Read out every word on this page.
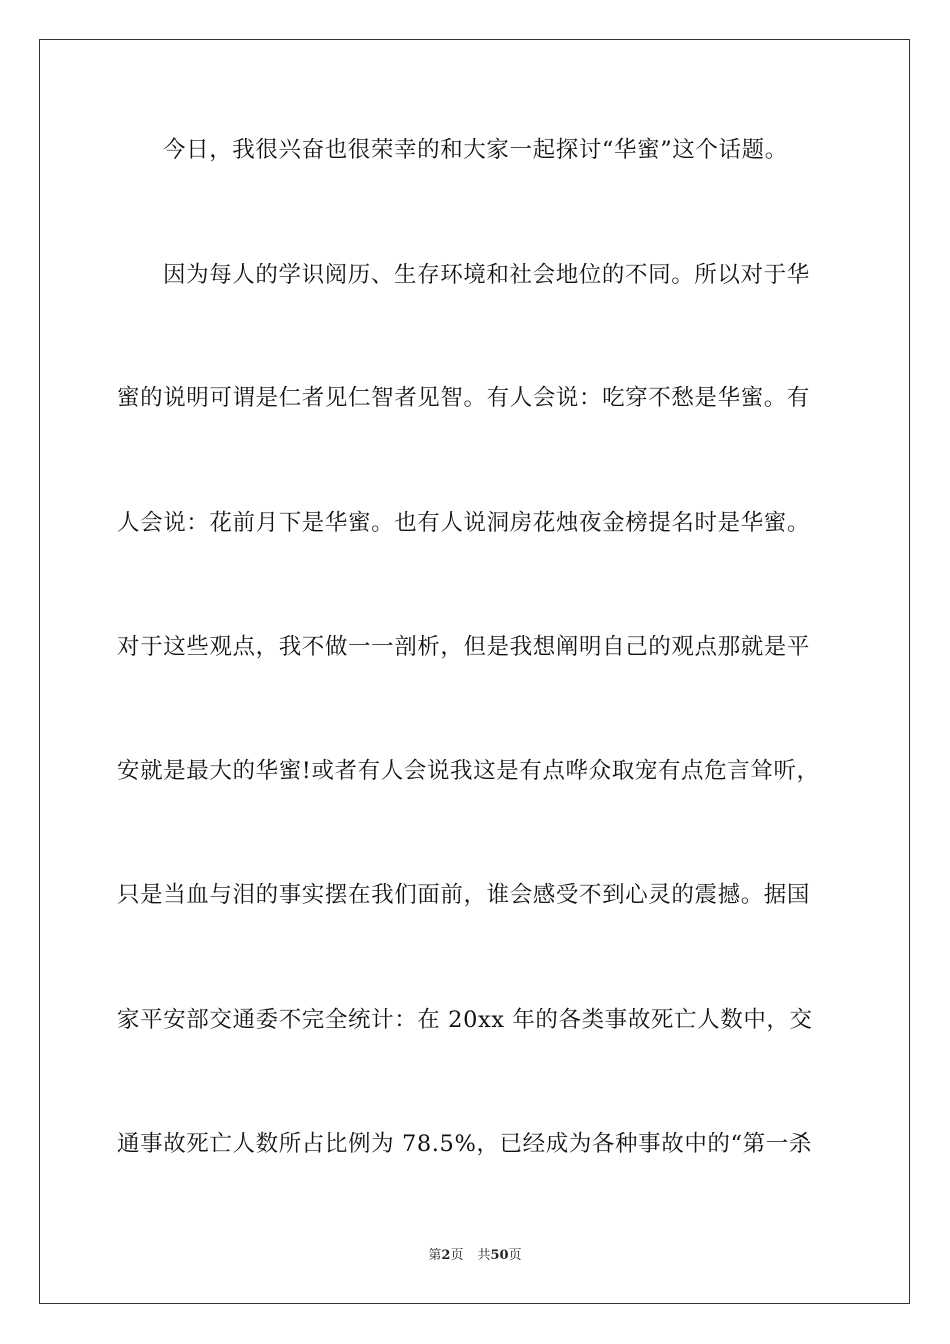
今日，我很兴奋也很荣幸的和大家一起探讨“华蜜”这个话题。
因为每人的学识阅历、生存环境和社会地位的不同。所以对于华
蜜的说明可谓是仁者见仁智者见智。有人会说：吃穿不愁是华蜜。有
人会说：花前月下是华蜜。也有人说洞房花烛夜金榜提名时是华蜜。
对于这些观点，我不做一一剖析，但是我想阐明自己的观点那就是平
安就是最大的华蜜!或者有人会说我这是有点哗众取宠有点危言耸听，
只是当血与泪的事实摆在我们面前，谁会感受不到心灵的震撼。据国
家平安部交通委不完全统计：在 20xx 年的各类事故死亡人数中，交
通事故死亡人数所占比例为 78.5%，已经成为各种事故中的“第一杀
第2页 共50页
